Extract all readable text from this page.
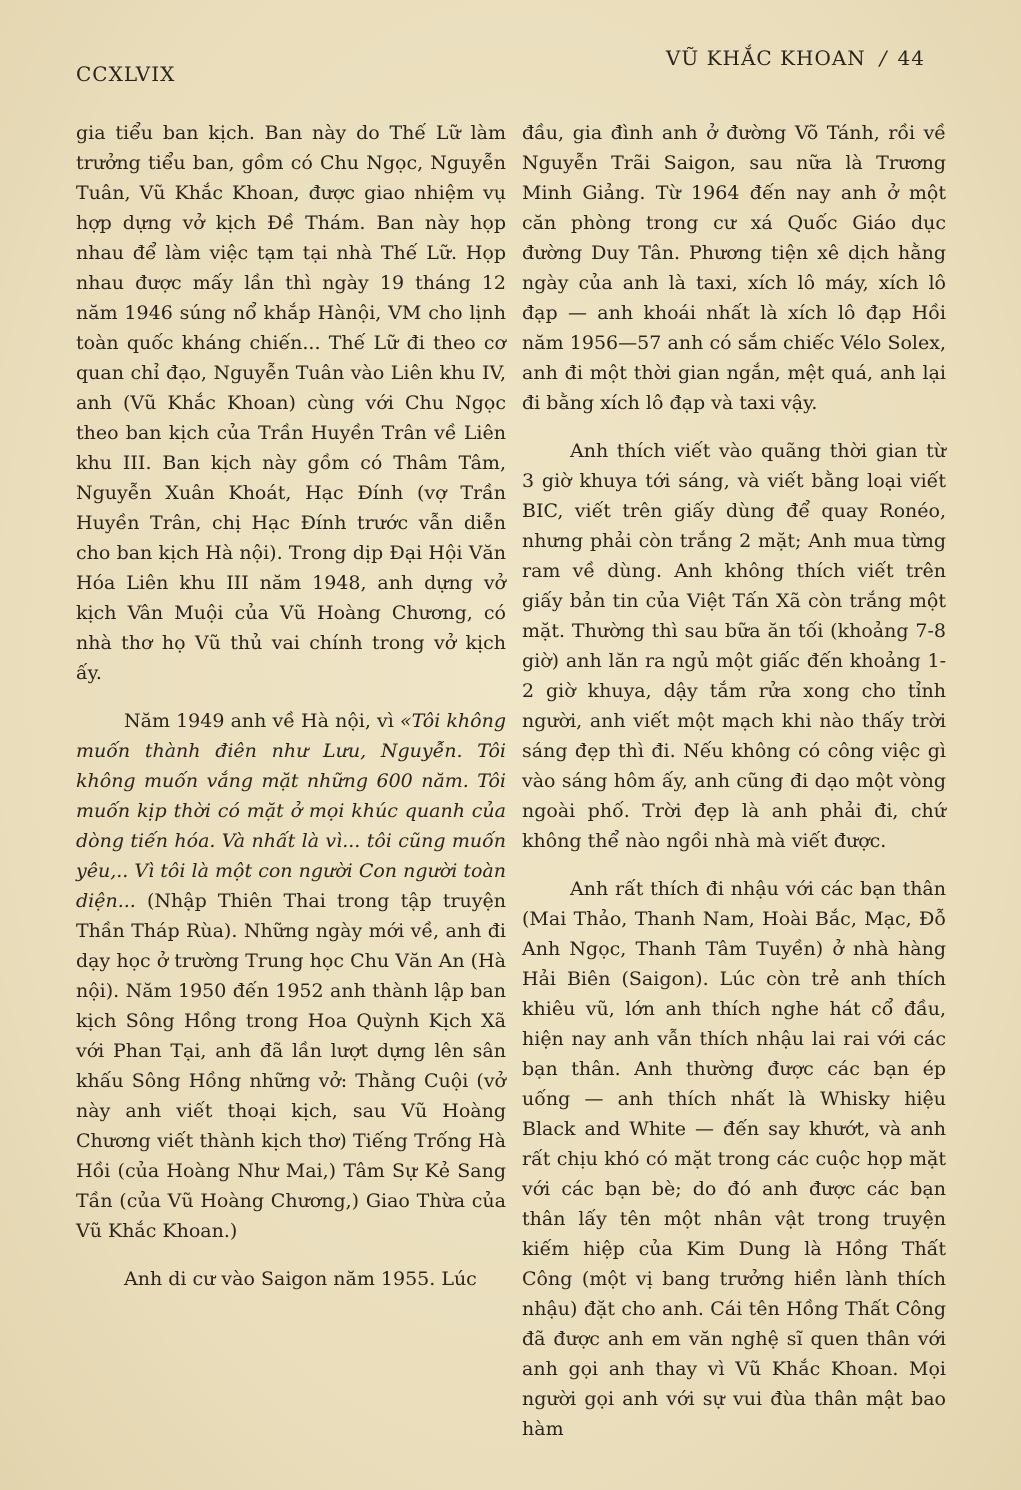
CCXLVIX
VŨ KHẮC KHOAN / 44

gia tiểu ban kịch. Ban này do Thế Lữ làm trưởng tiểu ban, gồm có Chu Ngọc, Nguyễn Tuân, Vũ Khắc Khoan, được giao nhiệm vụ hợp dựng vở kịch Đề Thám. Ban này họp nhau để làm việc tạm tại nhà Thế Lữ. Họp nhau được mấy lần thì ngày 19 tháng 12 năm 1946 súng nổ khắp Hànội, VM cho lịnh toàn quốc kháng chiến... Thế Lữ đi theo cơ quan chỉ đạo, Nguyễn Tuân vào Liên khu IV, anh (Vũ Khắc Khoan) cùng với Chu Ngọc theo ban kịch của Trần Huyền Trân về Liên khu III. Ban kịch này gồm có Thâm Tâm, Nguyễn Xuân Khoát, Hạc Đính (vợ Trần Huyền Trân, chị Hạc Đính trước vẫn diễn cho ban kịch Hà nội). Trong dịp Đại Hội Văn Hóa Liên khu III năm 1948, anh dựng vở kịch Vân Muội của Vũ Hoàng Chương, có nhà thơ họ Vũ thủ vai chính trong vở kịch ấy.

Năm 1949 anh về Hà nội, vì «Tôi không muốn thành điên như Lưu, Nguyễn. Tôi không muốn vắng mặt những 600 năm. Tôi muốn kịp thời có mặt ở mọi khúc quanh của dòng tiến hóa. Và nhất là vì... tôi cũng muốn yêu,.. Vì tôi là một con người Con người toàn diện... (Nhập Thiên Thai trong tập truyện Thần Tháp Rùa). Những ngày mới về, anh đi dạy học ở trường Trung học Chu Văn An (Hà nội). Năm 1950 đến 1952 anh thành lập ban kịch Sông Hồng trong Hoa Quỳnh Kịch Xã với Phan Tại, anh đã lần lượt dựng lên sân khấu Sông Hồng những vở: Thằng Cuội (vở này anh viết thoại kịch, sau Vũ Hoàng Chương viết thành kịch thơ) Tiếng Trống Hà Hồi (của Hoàng Như Mai,) Tâm Sự Kẻ Sang Tần (của Vũ Hoàng Chương,) Giao Thừa của Vũ Khắc Khoan.)

Anh di cư vào Saigon năm 1955. Lúc

đầu, gia đình anh ở đường Võ Tánh, rồi về Nguyễn Trãi Saigon, sau nữa là Trương Minh Giảng. Từ 1964 đến nay anh ở một căn phòng trong cư xá Quốc Giáo dục đường Duy Tân. Phương tiện xê dịch hằng ngày của anh là taxi, xích lô máy, xích lô đạp — anh khoái nhất là xích lô đạp Hồi năm 1956—57 anh có sắm chiếc Vélo Solex, anh đi một thời gian ngắn, mệt quá, anh lại đi bằng xích lô đạp và taxi vậy.

Anh thích viết vào quãng thời gian từ 3 giờ khuya tới sáng, và viết bằng loại viết BIC, viết trên giấy dùng để quay Ronéo, nhưng phải còn trắng 2 mặt; Anh mua từng ram về dùng. Anh không thích viết trên giấy bản tin của Việt Tấn Xã còn trắng một mặt. Thường thì sau bữa ăn tối (khoảng 7-8 giờ) anh lăn ra ngủ một giấc đến khoảng 1-2 giờ khuya, dậy tắm rửa xong cho tỉnh người, anh viết một mạch khi nào thấy trời sáng đẹp thì đi. Nếu không có công việc gì vào sáng hôm ấy, anh cũng đi dạo một vòng ngoài phố. Trời đẹp là anh phải đi, chứ không thể nào ngồi nhà mà viết được.

Anh rất thích đi nhậu với các bạn thân (Mai Thảo, Thanh Nam, Hoài Bắc, Mạc, Đỗ Anh Ngọc, Thanh Tâm Tuyền) ở nhà hàng Hải Biên (Saigon). Lúc còn trẻ anh thích khiêu vũ, lớn anh thích nghe hát cổ đầu, hiện nay anh vẫn thích nhậu lai rai với các bạn thân. Anh thường được các bạn ép uống — anh thích nhất là Whisky hiệu Black and White — đến say khướt, và anh rất chịu khó có mặt trong các cuộc họp mặt với các bạn bè; do đó anh được các bạn thân lấy tên một nhân vật trong truyện kiếm hiệp của Kim Dung là Hồng Thất Công (một vị bang trưởng hiền lành thích nhậu) đặt cho anh. Cái tên Hồng Thất Công đã được anh em văn nghệ sĩ quen thân với anh gọi anh thay vì Vũ Khắc Khoan. Mọi người gọi anh với sự vui đùa thân mật bao hàm
